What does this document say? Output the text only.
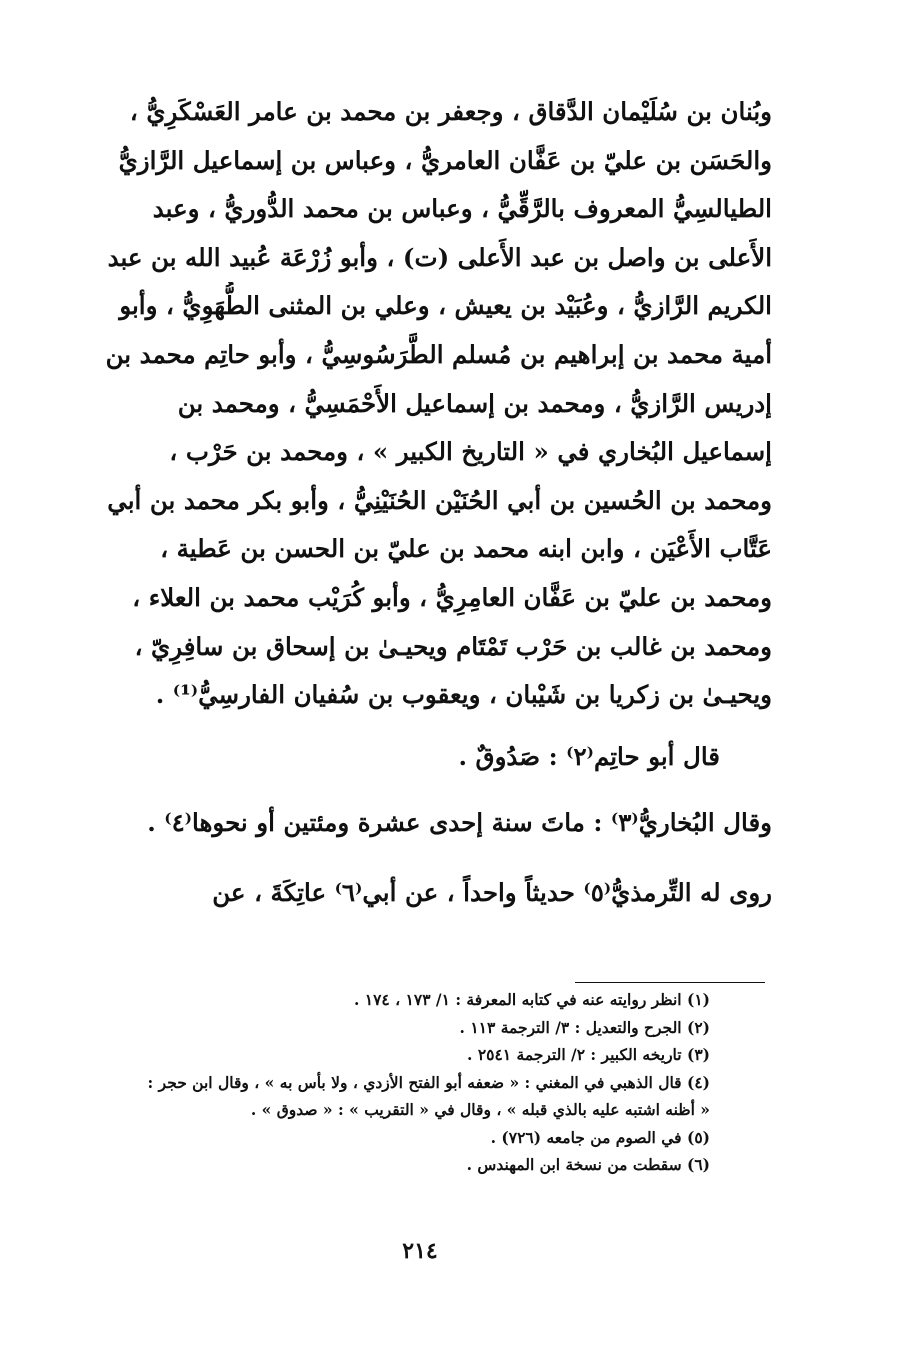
وبُنان بن سُلَيْمان الدَّقاق ، وجعفر بن محمد بن عامر العَسْكَرِيُّ ،
والحَسَن بن عليّ بن عَفَّان العامريُّ ، وعباس بن إسماعيل الرَّازيُّ
الطيالسِيُّ المعروف بالرَّقِّيُّ ، وعباس بن محمد الدُّوريُّ ، وعبد
الأَعلى بن واصل بن عبد الأَعلى (ت) ، وأبو زُرْعَة عُبيد الله بن عبد
الكريم الرَّازيُّ ، وعُبَيْد بن يعيش ، وعلي بن المثنى الطُّهَوِيُّ ، وأبو
أمية محمد بن إبراهيم بن مُسلم الطَّرَسُوسِيُّ ، وأبو حاتِم محمد بن
إدريس الرَّازيُّ ، ومحمد بن إسماعيل الأَحْمَسِيُّ ، ومحمد بن
إسماعيل البُخاري في « التاريخ الكبير » ، ومحمد بن حَرْب ،
ومحمد بن الحُسين بن أبي الحُنَيْن الحُنَيْنِيُّ ، وأبو بكر محمد بن أبي
عَتَّاب الأَعْيَن ، وابن ابنه محمد بن عليّ بن الحسن بن عَطية ،
ومحمد بن عليّ بن عَفَّان العامِرِيُّ ، وأبو كُرَيْب محمد بن العلاء ،
ومحمد بن غالب بن حَرْب تَمْتَام ويحيـىٰ بن إسحاق بن سافِرِيّ ،
ويحيـىٰ بن زكريا بن شَيْبان ، ويعقوب بن سُفيان الفارسِيُّ⁽¹⁾ .
قال أبو حاتِم⁽٢⁾ : صَدُوقٌ .
وقال البُخاريُّ⁽٣⁾ : ماتَ سنة إحدى عشرة ومئتين أو نحوها⁽٤⁾ .
روى له التِّرمذيُّ⁽٥⁾ حديثاً واحداً ، عن أبي⁽٦⁾ عاتِكَةَ ، عن
(١) انظر روايته عنه في كتابه المعرفة : ١/ ١٧٣ ، ١٧٤ .
(٢) الجرح والتعديل : ٣/ الترجمة ١١٣ .
(٣) تاريخه الكبير : ٢/ الترجمة ٢٥٤١ .
(٤) قال الذهبي في المغني : « ضعفه أبو الفتح الأزدي ، ولا بأس به » ، وقال ابن حجر :
« أظنه اشتبه عليه بالذي قبله » ، وقال في « التقريب » : « صدوق » .
(٥) في الصوم من جامعه (٧٢٦) .
(٦) سقطت من نسخة ابن المهندس .
٢١٤
